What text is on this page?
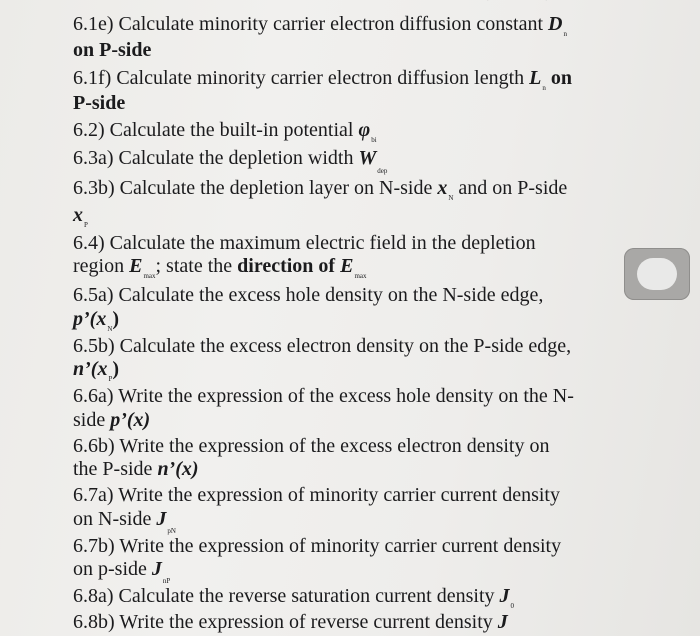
6.1e) Calculate minority carrier electron diffusion constant $D_n$
on P-side
6.1f) Calculate minority carrier electron diffusion length $L_n$ on
P-side
6.2) Calculate the built-in potential $\varphi_{bi}$
6.3a) Calculate the depletion width $W_{dep}$
6.3b) Calculate the depletion layer on N-side $x_N$ and on P-side
$x_P$
6.4) Calculate the maximum electric field in the depletion
region $E_{max}$; state the direction of $E_{max}$
6.5a) Calculate the excess hole density on the N-side edge,
$p’(x_N)$
6.5b) Calculate the excess electron density on the P-side edge,
$n’(x_P)$
6.6a) Write the expression of the excess hole density on the N-
side p’(x)
6.6b) Write the expression of the excess electron density on
the P-side n’(x)
6.7a) Write the expression of minority carrier current density
on N-side $J_{pN}$
6.7b) Write the expression of minority carrier current density
on p-side $J_{nP}$
6.8a) Calculate the reverse saturation current density $J_0$
6.8b) Write the expression of reverse current density J
